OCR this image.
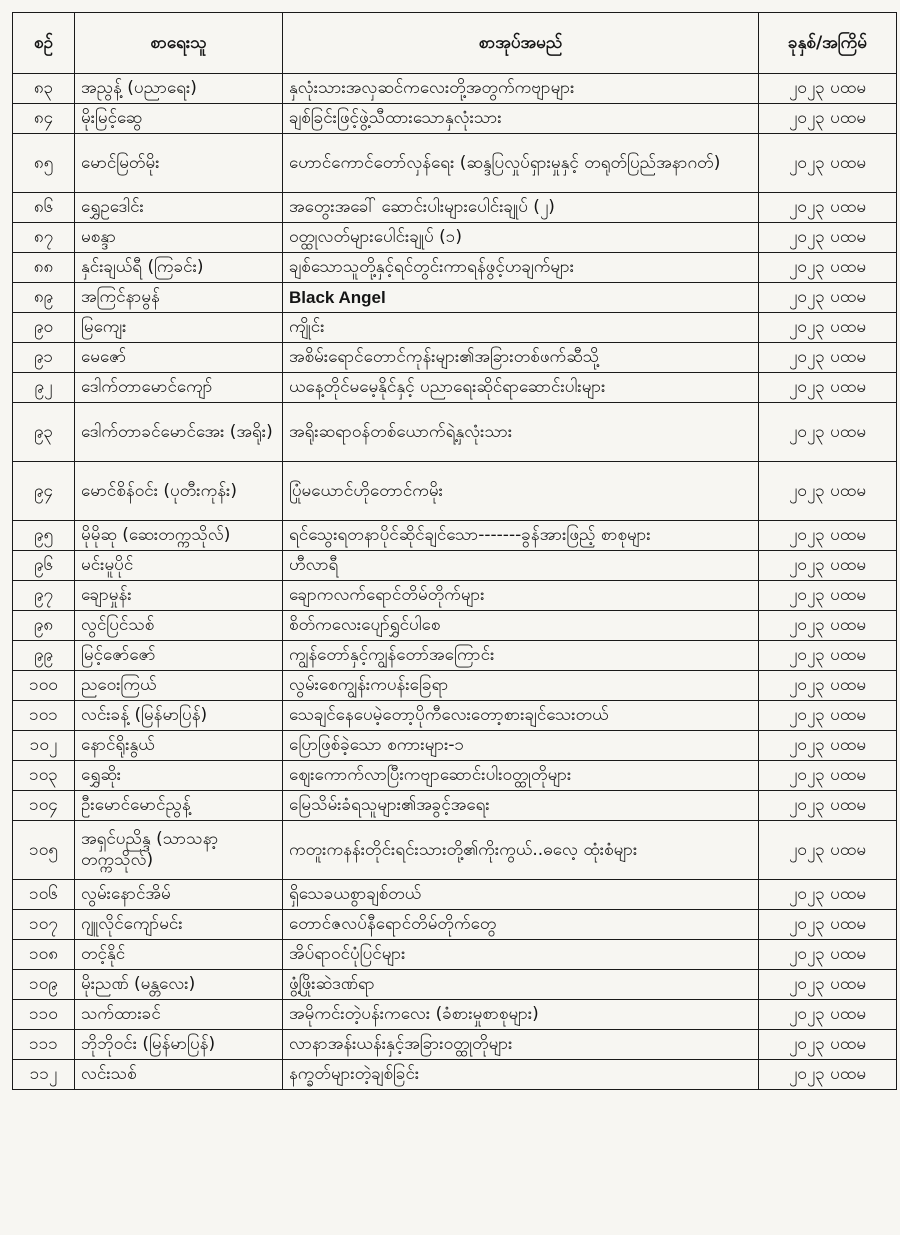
စဉ်	စာရေးသူ	စာအုပ်အမည်	ခုနှစ်/အကြိမ်
၈၃	အညွန့် (ပညာရေး)	နှလုံးသားအလှဆင်ကလေးတို့အတွက်ကဗျာများ	၂၀၂၃ ပထမ
၈၄	မိုးမြင့်ဆွေ	ချစ်ခြင်းဖြင့်ဖွဲ့သီထားသောနှလုံးသား	၂၀၂၃ ပထမ
၈၅	မောင်မြတ်မိုး	ဟောင်ကောင်တော်လှန်ရေး (ဆန္ဒပြလှုပ်ရှားမှုနှင့် တရုတ်ပြည်အနာဂတ်)	၂၀၂၃ ပထမ
၈၆	ရွှေဥဒေါင်း	အတွေးအခေါ် ဆောင်းပါးများပေါင်းချုပ် (၂)	၂၀၂၃ ပထမ
၈၇	မစန္ဒာ	ဝတ္ထုလတ်များပေါင်းချုပ် (၁)	၂၀၂၃ ပထမ
၈၈	နှင်းချယ်ရီ (ကြခင်း)	ချစ်သောသူတို့နှင့်ရင်တွင်းကာရန်ဖွင့်ဟချက်များ	၂၀၂၃ ပထမ
၈၉	အကြင်နာမွန်	Black Angel	၂၀၂၃ ပထမ
၉၀	မြကျေး	ကျိုင်း	၂၀၂၃ ပထမ
၉၁	မေဇော်	အစိမ်းရောင်တောင်ကုန်းများ၏အခြားတစ်ဖက်ဆီသို့	၂၀၂၃ ပထမ
၉၂	ဒေါက်တာမောင်ကျော်	ယနေ့တိုင်မမေ့နိုင်နှင့် ပညာရေးဆိုင်ရာဆောင်းပါးများ	၂၀၂၃ ပထမ
၉၃	ဒေါက်တာခင်မောင်အေး (အရိုး)	အရိုးဆရာဝန်တစ်ယောက်ရဲ့နှလုံးသား	၂၀၂၃ ပထမ
၉၄	မောင်စိန်ဝင်း (ပုတီးကုန်း)	ပြုံမယောင်ဟိုတောင်ကမိုး	၂၀၂၃ ပထမ
၉၅	မိုမိုဆု (ဆေးတက္ကသိုလ်)	ရင်သွေးရတနာပိုင်ဆိုင်ချင်သော-------ခွန်အားဖြည့် စာစုများ	၂၀၂၃ ပထမ
၉၆	မင်းမူပိုင်	ဟီလာရီ	၂၀၂၃ ပထမ
၉၇	ချောမှုန်း	ချောကလက်ရောင်တိမ်တိုက်များ	၂၀၂၃ ပထမ
၉၈	လွင်ပြင်သစ်	စိတ်ကလေးပျော်ရွှင်ပါစေ	၂၀၂၃ ပထမ
၉၉	မြင့်ဇော်ဇော်	ကျွန်တော်နှင့်ကျွန်တော်အကြောင်း	၂၀၂၃ ပထမ
၁၀၀	ညဝေးကြယ်	လွမ်းစေကျွန်းကပန်းခြေရာ	၂၀၂၃ ပထမ
၁၀၁	လင်းခန့် (မြန်မာပြန်)	သေချင်နေပေမဲ့တော့ပိုကီလေးတော့စားချင်သေးတယ်	၂၀၂၃ ပထမ
၁၀၂	နောင်ရိုးနွယ်	ပြောဖြစ်ခဲ့သော စကားများ-၁	၂၀၂၃ ပထမ
၁၀၃	ရွှေဆိုး	ဈေးကောက်လာပြီးကဗျာဆောင်းပါးဝတ္ထုတိုများ	၂၀၂၃ ပထမ
၁၀၄	ဦးမောင်မောင်ညွန့်	မြေသိမ်းခံရသူများ၏အခွင့်အရေး	၂၀၂၃ ပထမ
၁၀၅	အရှင်ပညိန္ဒ (သာသနာ့တက္ကသိုလ်)	ကတူးကနန်းတိုင်းရင်းသားတို့၏ကိုးကွယ်..ဓလေ့ ထုံးစံများ	၂၀၂၃ ပထမ
၁၀၆	လွမ်းနောင်အိမ်	ရှိသေခယစွာချစ်တယ်	၂၀၂၃ ပထမ
၁၀၇	ဂျူလိုင်ကျော်မင်း	တောင်ဇလပ်နီရောင်တိမ်တိုက်တွေ	၂၀၂၃ ပထမ
၁၀၈	တင့်နိုင်	အိပ်ရာဝင်ပုံပြင်များ	၂၀၂၃ ပထမ
၁၀၉	မိုးညဏ် (မန္တလေး)	ဖွံ့ဖြိုးဆဲဒဏ်ရာ	၂၀၂၃ ပထမ
၁၁၀	သက်ထားခင်	အမိုကင်းတဲ့ပန်းကလေး (ခံစားမှုစာစုများ)	၂၀၂၃ ပထမ
၁၁၁	ဘိုဘိုဝင်း (မြန်မာပြန်)	လာနာအန်းယန်းနှင့်အခြားဝတ္ထုတိုများ	၂၀၂၃ ပထမ
၁၁၂	လင်းသစ်	နက္ခတ်များတဲ့ချစ်ခြင်း	၂၀၂၃ ပထမ
